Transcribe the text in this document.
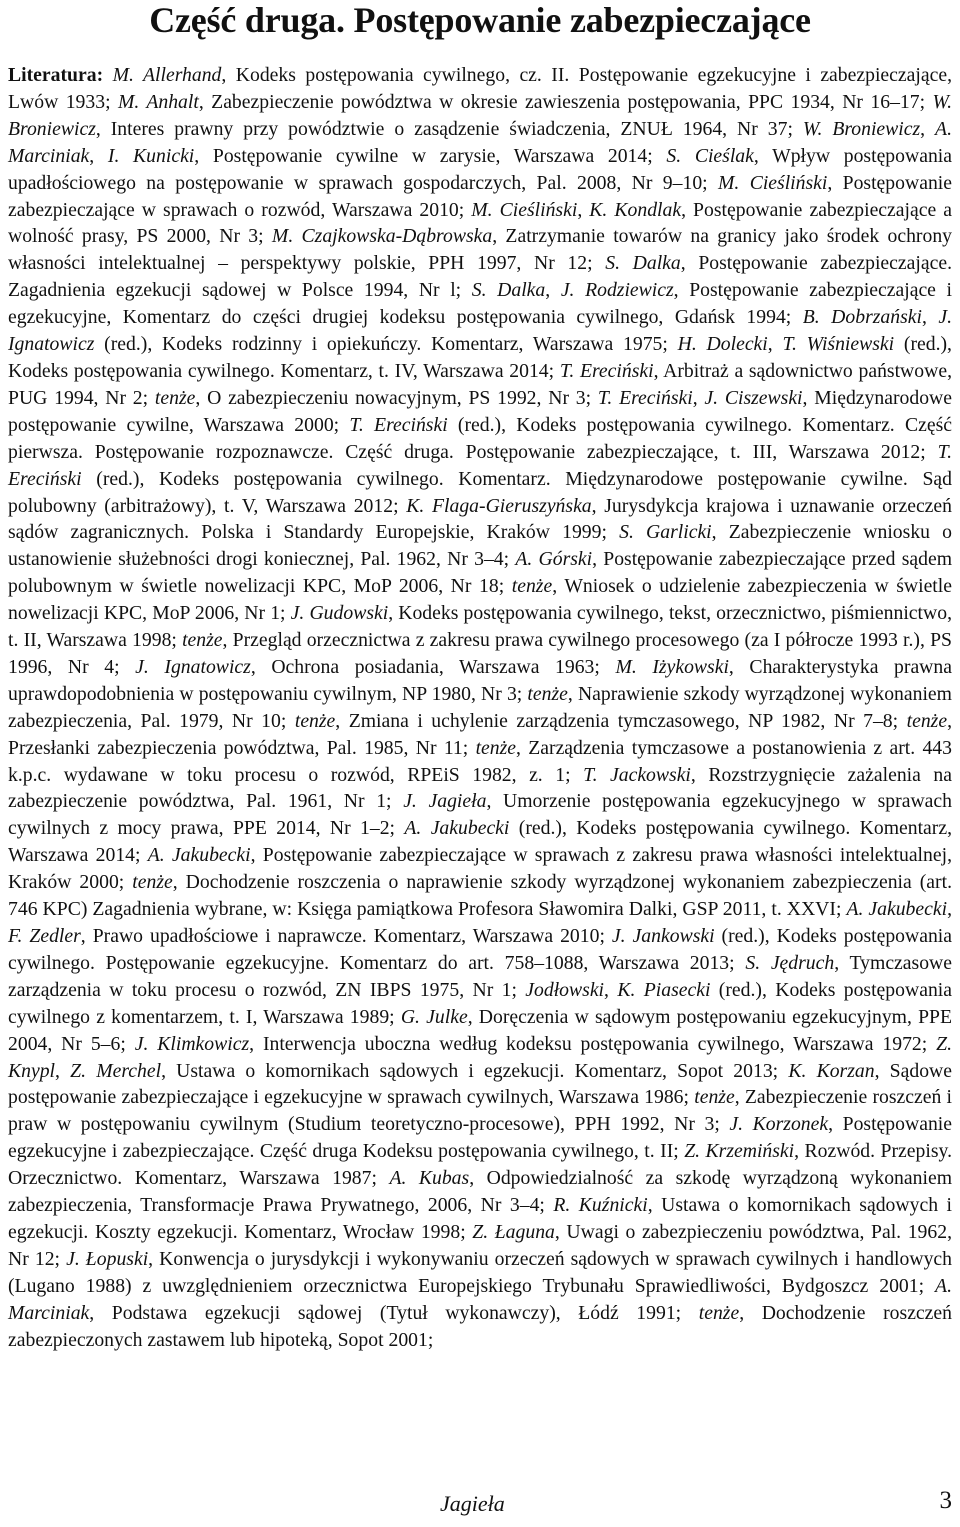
Część druga. Postępowanie zabezpieczające

Literatura: M. Allerhand, Kodeks postępowania cywilnego, cz. II. Postępowanie egzekucyjne i zabezpieczające, Lwów 1933; M. Anhalt, Zabezpieczenie powództwa w okresie zawieszenia postępowania, PPC 1934, Nr 16–17; W. Broniewicz, Interes prawny przy powództwie o zasądzenie świadczenia, ZNUŁ 1964, Nr 37; W. Broniewicz, A. Marciniak, I. Kunicki, Postępowanie cywilne w zarysie, Warszawa 2014; S. Cieślak, Wpływ postępowania upadłościowego na postępowanie w sprawach gospodarczych, Pal. 2008, Nr 9–10; M. Cieśliński, Postępowanie zabezpieczające w sprawach o rozwód, Warszawa 2010; M. Cieśliński, K. Kondlak, Postępowanie zabezpieczające a wolność prasy, PS 2000, Nr 3; M. Czajkowska-Dąbrowska, Zatrzymanie towarów na granicy jako środek ochrony własności intelektualnej – perspektywy polskie, PPH 1997, Nr 12; S. Dalka, Postępowanie zabezpieczające. Zagadnienia egzekucji sądowej w Polsce 1994, Nr l; S. Dalka, J. Rodziewicz, Postępowanie zabezpieczające i egzekucyjne, Komentarz do części drugiej kodeksu postępowania cywilnego, Gdańsk 1994; B. Dobrzański, J. Ignatowicz (red.), Kodeks rodzinny i opiekuńczy. Komentarz, Warszawa 1975; H. Dolecki, T. Wiśniewski (red.), Kodeks postępowania cywilnego. Komentarz, t. IV, Warszawa 2014; T. Ereciński, Arbitraż a sądownictwo państwowe, PUG 1994, Nr 2; tenże, O zabezpieczeniu nowacyjnym, PS 1992, Nr 3; T. Ereciński, J. Ciszewski, Międzynarodowe postępowanie cywilne, Warszawa 2000; T. Ereciński (red.), Kodeks postępowania cywilnego. Komentarz. Część pierwsza. Postępowanie rozpoznawcze. Część druga. Postępowanie zabezpieczające, t. III, Warszawa 2012; T. Ereciński (red.), Kodeks postępowania cywilnego. Komentarz. Międzynarodowe postępowanie cywilne. Sąd polubowny (arbitrażowy), t. V, Warszawa 2012; K. Flaga-Gieruszyńska, Jurysdykcja krajowa i uznawanie orzeczeń sądów zagranicznych. Polska i Standardy Europejskie, Kraków 1999; S. Garlicki, Zabezpieczenie wniosku o ustanowienie służebności drogi koniecznej, Pal. 1962, Nr 3–4; A. Górski, Postępowanie zabezpieczające przed sądem polubownym w świetle nowelizacji KPC, MoP 2006, Nr 18; tenże, Wniosek o udzielenie zabezpieczenia w świetle nowelizacji KPC, MoP 2006, Nr 1; J. Gudowski, Kodeks postępowania cywilnego, tekst, orzecznictwo, piśmiennictwo, t. II, Warszawa 1998; tenże, Przegląd orzecznictwa z zakresu prawa cywilnego procesowego (za I półrocze 1993 r.), PS 1996, Nr 4; J. Ignatowicz, Ochrona posiadania, Warszawa 1963; M. Iżykowski, Charakterystyka prawna uprawdopodobnienia w postępowaniu cywilnym, NP 1980, Nr 3; tenże, Naprawienie szkody wyrządzonej wykonaniem zabezpieczenia, Pal. 1979, Nr 10; tenże, Zmiana i uchylenie zarządzenia tymczasowego, NP 1982, Nr 7–8; tenże, Przesłanki zabezpieczenia powództwa, Pal. 1985, Nr 11; tenże, Zarządzenia tymczasowe a postanowienia z art. 443 k.p.c. wydawane w toku procesu o rozwód, RPEiS 1982, z. 1; T. Jackowski, Rozstrzygnięcie zażalenia na zabezpieczenie powództwa, Pal. 1961, Nr 1; J. Jagieła, Umorzenie postępowania egzekucyjnego w sprawach cywilnych z mocy prawa, PPE 2014, Nr 1–2; A. Jakubecki (red.), Kodeks postępowania cywilnego. Komentarz, Warszawa 2014; A. Jakubecki, Postępowanie zabezpieczające w sprawach z zakresu prawa własności intelektualnej, Kraków 2000; tenże, Dochodzenie roszczenia o naprawienie szkody wyrządzonej wykonaniem zabezpieczenia (art. 746 KPC) Zagadnienia wybrane, w: Księga pamiątkowa Profesora Sławomira Dalki, GSP 2011, t. XXVI; A. Jakubecki, F. Zedler, Prawo upadłościowe i naprawcze. Komentarz, Warszawa 2010; J. Jankowski (red.), Kodeks postępowania cywilnego. Postępowanie egzekucyjne. Komentarz do art. 758–1088, Warszawa 2013; S. Jędruch, Tymczasowe zarządzenia w toku procesu o rozwód, ZN IBPS 1975, Nr 1; Jodłowski, K. Piasecki (red.), Kodeks postępowania cywilnego z komentarzem, t. I, Warszawa 1989; G. Julke, Doręczenia w sądowym postępowaniu egzekucyjnym, PPE 2004, Nr 5–6; J. Klimkowicz, Interwencja uboczna według kodeksu postępowania cywilnego, Warszawa 1972; Z. Knypl, Z. Merchel, Ustawa o komornikach sądowych i egzekucji. Komentarz, Sopot 2013; K. Korzan, Sądowe postępowanie zabezpieczające i egzekucyjne w sprawach cywilnych, Warszawa 1986; tenże, Zabezpieczenie roszczeń i praw w postępowaniu cywilnym (Studium teoretyczno-procesowe), PPH 1992, Nr 3; J. Korzonek, Postępowanie egzekucyjne i zabezpieczające. Część druga Kodeksu postępowania cywilnego, t. II; Z. Krzemiński, Rozwód. Przepisy. Orzecznictwo. Komentarz, Warszawa 1987; A. Kubas, Odpowiedzialność za szkodę wyrządzoną wykonaniem zabezpieczenia, Transformacje Prawa Prywatnego, 2006, Nr 3–4; R. Kuźnicki, Ustawa o komornikach sądowych i egzekucji. Koszty egzekucji. Komentarz, Wrocław 1998; Z. Łaguna, Uwagi o zabezpieczeniu powództwa, Pal. 1962, Nr 12; J. Łopuski, Konwencja o jurysdykcji i wykonywaniu orzeczeń sądowych w sprawach cywilnych i handlowych (Lugano 1988) z uwzględnieniem orzecznictwa Europejskiego Trybunału Sprawiedliwości, Bydgoszcz 2001; A. Marciniak, Podstawa egzekucji sądowej (Tytuł wykonawczy), Łódź 1991; tenże, Dochodzenie roszczeń zabezpieczonych zastawem lub hipoteką, Sopot 2001;

Jagieła	3
